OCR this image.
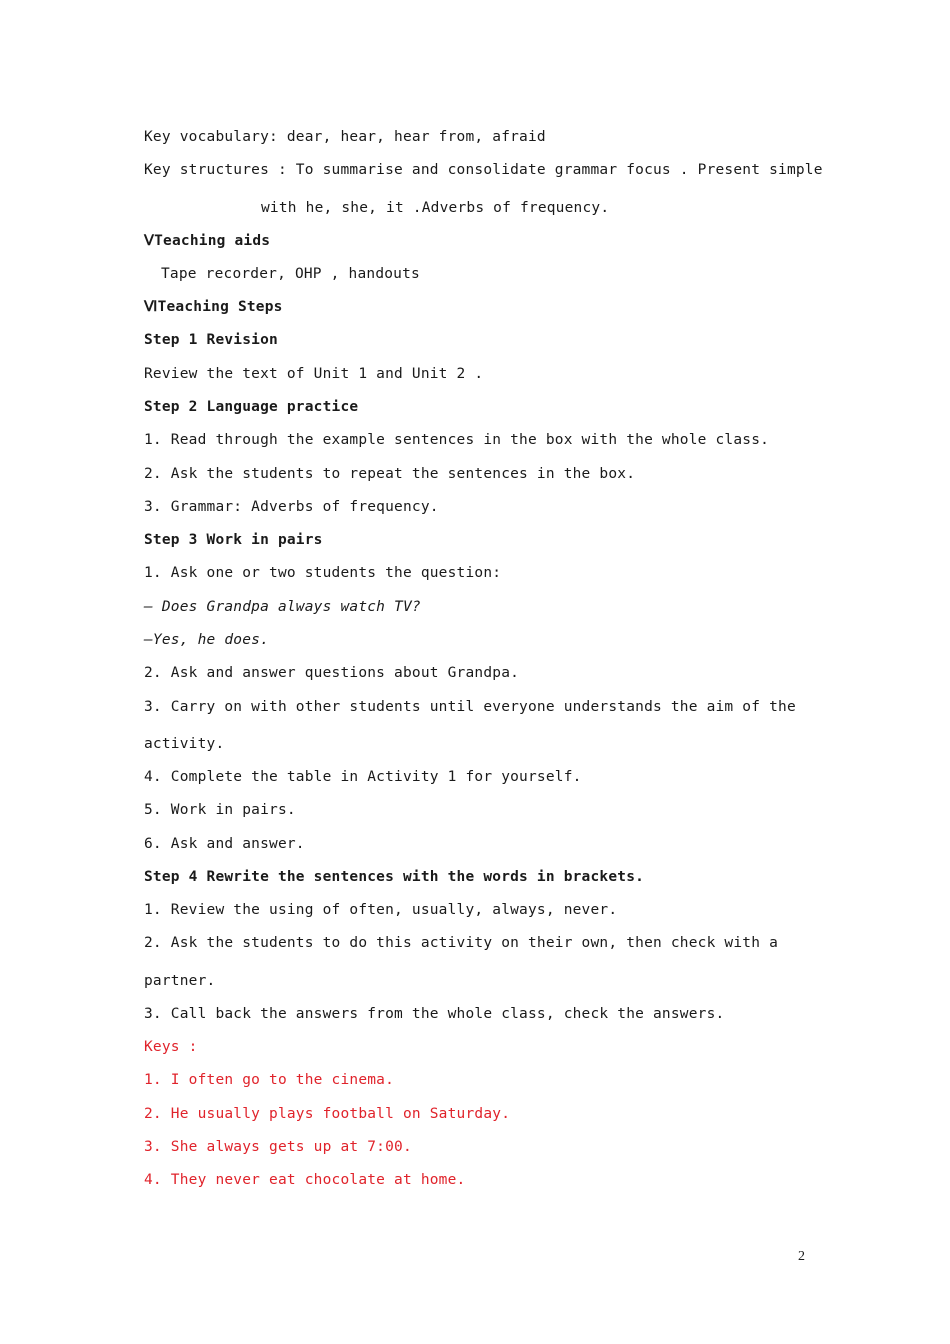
Key vocabulary: dear, hear, hear from, afraid

Key structures : To summarise and consolidate grammar focus . Present simple

with he, she, it .Adverbs of frequency.

ⅤTeaching aids

Tape recorder, OHP , handouts

ⅥTeaching Steps

Step 1 Revision

Review the text of Unit 1 and Unit 2 .

Step 2 Language practice

1. Read through the example sentences in the box with the whole class.

2. Ask the students to repeat the sentences in the box.

3. Grammar: Adverbs of frequency.

Step 3 Work in pairs

1. Ask one or two students the question:

— Does Grandpa always watch TV?

—Yes, he does.

2. Ask and answer questions about Grandpa.

3. Carry on with other students until everyone understands the aim of the

activity.

4. Complete the table in Activity 1 for yourself.

5. Work in pairs.

6. Ask and answer.

Step 4 Rewrite the sentences with the words in brackets.

1. Review the using of often, usually, always, never.

2. Ask the students to do this activity on their own, then check with a

partner.

3. Call back the answers from the whole class, check the answers.

Keys :

1. I often go to the cinema.

2. He usually plays football on Saturday.

3. She always gets up at 7:00.

4. They never eat chocolate at home.

2
